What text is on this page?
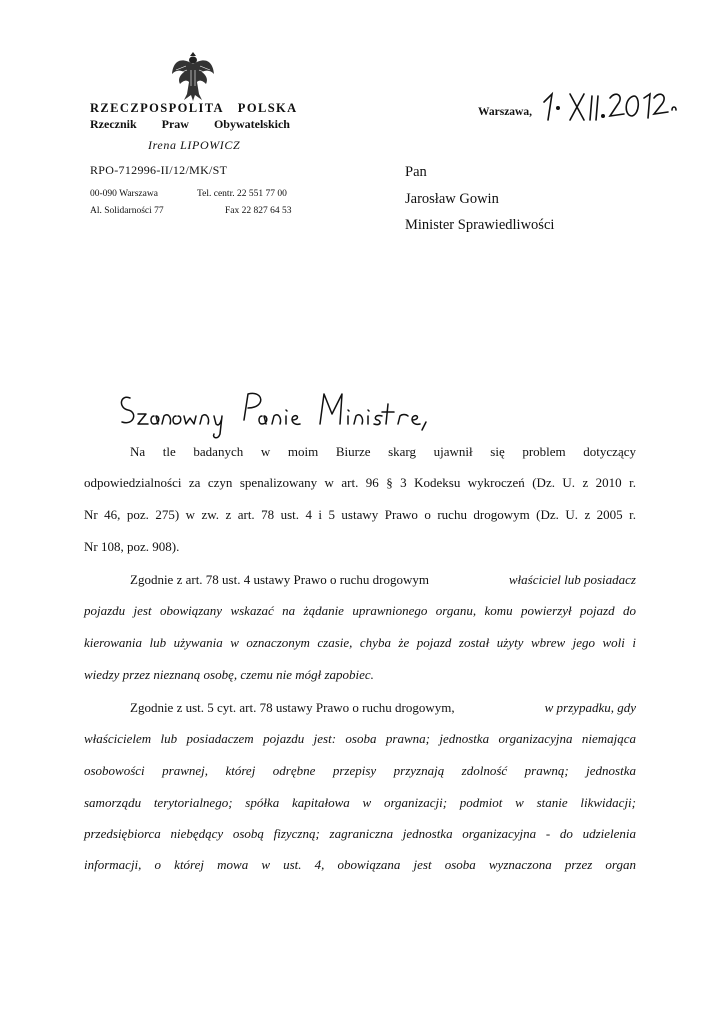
RZECZPOSPOLITA POLSKA
Rzecznik Praw Obywatelskich
Irena LIPOWICZ
RPO-712996-II/12/MK/ST
00-090 Warszawa
Al. Solidarności 77
Tel. centr. 22 551 77 00
Fax 22 827 64 53
Warszawa,
Pan
Jarosław Gowin
Minister Sprawiedliwości
Na tle badanych w moim Biurze skarg ujawnił się problem dotyczący
odpowiedzialności za czyn spenalizowany w art. 96 § 3 Kodeksu wykroczeń (Dz. U. z 2010 r.
Nr 46, poz. 275) w zw. z art. 78 ust. 4 i 5 ustawy Prawo o ruchu drogowym (Dz. U. z 2005 r.
Nr 108, poz. 908).
Zgodnie z art. 78 ust. 4 ustawy Prawo o ruchu drogowym	właściciel lub posiadacz
pojazdu jest obowiązany wskazać na żądanie uprawnionego organu, komu powierzył pojazd do
kierowania lub używania w oznaczonym czasie, chyba że pojazd został użyty wbrew jego woli i
wiedzy przez nieznaną osobę, czemu nie mógł zapobiec.
Zgodnie z ust. 5 cyt. art. 78 ustawy Prawo o ruchu drogowym,	w przypadku, gdy
właścicielem lub posiadaczem pojazdu jest: osoba prawna; jednostka organizacyjna niemająca
osobowości prawnej, której odrębne przepisy przyznają zdolność prawną; jednostka
samorządu terytorialnego; spółka kapitałowa w organizacji; podmiot w stanie likwidacji;
przedsiębiorca niebędący osobą fizyczną; zagraniczna jednostka organizacyjna - do udzielenia
informacji, o której mowa w ust. 4, obowiązana jest osoba wyznaczona przez organ
